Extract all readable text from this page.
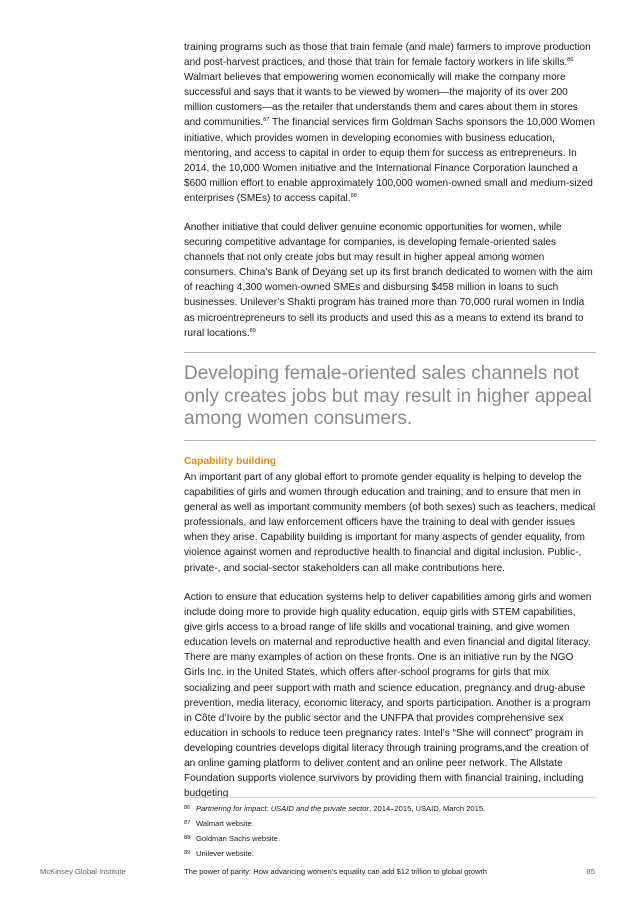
training programs such as those that train female (and male) farmers to improve production and post-harvest practices, and those that train for female factory workers in life skills.$^{86}$ Walmart believes that empowering women economically will make the company more successful and says that it wants to be viewed by women—the majority of its over 200 million customers—as the retailer that understands them and cares about them in stores and communities.$^{87}$ The financial services firm Goldman Sachs sponsors the 10,000 Women initiative, which provides women in developing economies with business education, mentoring, and access to capital in order to equip them for success as entrepreneurs. In 2014, the 10,000 Women initiative and the International Finance Corporation launched a $600 million effort to enable approximately 100,000 women-owned small and medium-sized enterprises (SMEs) to access capital.$^{88}$

Another initiative that could deliver genuine economic opportunities for women, while securing competitive advantage for companies, is developing female-oriented sales channels that not only create jobs but may result in higher appeal among women consumers. China’s Bank of Deyang set up its first branch dedicated to women with the aim of reaching 4,300 women-owned SMEs and disbursing $458 million in loans to such businesses. Unilever’s Shakti program has trained more than 70,000 rural women in India as microentrepreneurs to sell its products and used this as a means to extend its brand to rural locations.$^{89}$

Developing female-oriented sales channels not only creates jobs but may result in higher appeal among women consumers.

Capability building

An important part of any global effort to promote gender equality is helping to develop the capabilities of girls and women through education and training, and to ensure that men in general as well as important community members (of both sexes) such as teachers, medical professionals, and law enforcement officers have the training to deal with gender issues when they arise. Capability building is important for many aspects of gender equality, from violence against women and reproductive health to financial and digital inclusion. Public-, private-, and social-sector stakeholders can all make contributions here.

Action to ensure that education systems help to deliver capabilities among girls and women include doing more to provide high quality education, equip girls with STEM capabilities, give girls access to a broad range of life skills and vocational training, and give women education levels on maternal and reproductive health and even financial and digital literacy. There are many examples of action on these fronts. One is an initiative run by the NGO Girls Inc. in the United States, which offers after-school programs for girls that mix socializing and peer support with math and science education, pregnancy and drug-abuse prevention, media literacy, economic literacy, and sports participation. Another is a program in Côte d’Ivoire by the public sector and the UNFPA that provides comprehensive sex education in schools to reduce teen pregnancy rates. Intel’s “She will connect” program in developing countries develops digital literacy through training programs,and the creation of an online gaming platform to deliver content and an online peer network. The Allstate Foundation supports violence survivors by providing them with financial training, including budgeting

86 Partnering for impact: USAID and the private sector, 2014–2015, USAID, March 2015.

87 Walmart website.

88 Goldman Sachs website.

89 Unilever website.

McKinsey Global Institute	The power of parity: How advancing women’s equality can add $12 trillion to global growth	85
